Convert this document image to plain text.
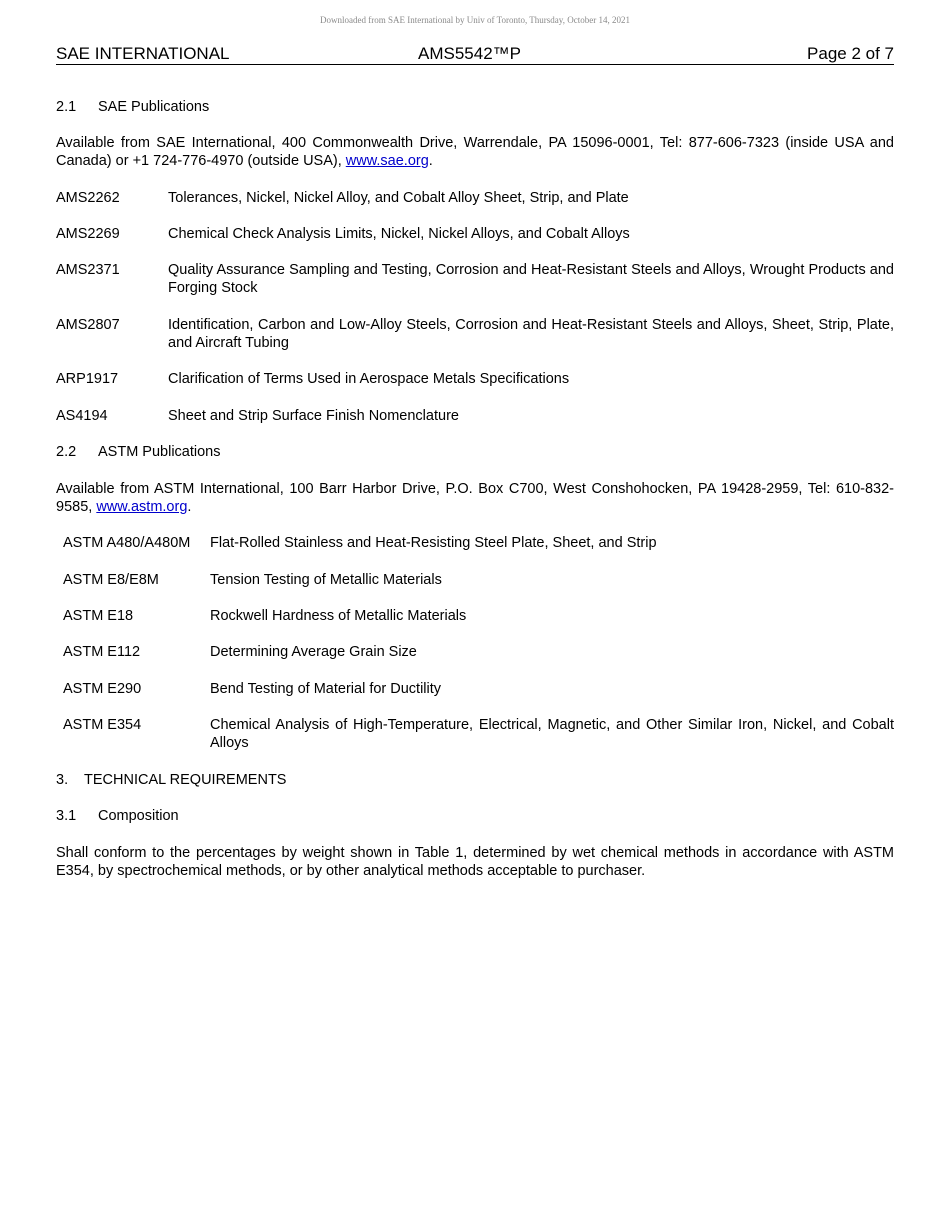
Downloaded from SAE International by Univ of Toronto, Thursday, October 14, 2021
SAE INTERNATIONAL	AMS5542™P	Page 2 of 7
2.1 SAE Publications
Available from SAE International, 400 Commonwealth Drive, Warrendale, PA 15096-0001, Tel: 877-606-7323 (inside USA and Canada) or +1 724-776-4970 (outside USA), www.sae.org.
AMS2262	Tolerances, Nickel, Nickel Alloy, and Cobalt Alloy Sheet, Strip, and Plate
AMS2269	Chemical Check Analysis Limits, Nickel, Nickel Alloys, and Cobalt Alloys
AMS2371	Quality Assurance Sampling and Testing, Corrosion and Heat-Resistant Steels and Alloys, Wrought Products and Forging Stock
AMS2807	Identification, Carbon and Low-Alloy Steels, Corrosion and Heat-Resistant Steels and Alloys, Sheet, Strip, Plate, and Aircraft Tubing
ARP1917	Clarification of Terms Used in Aerospace Metals Specifications
AS4194	Sheet and Strip Surface Finish Nomenclature
2.2 ASTM Publications
Available from ASTM International, 100 Barr Harbor Drive, P.O. Box C700, West Conshohocken, PA 19428-2959, Tel: 610-832-9585, www.astm.org.
ASTM A480/A480M Flat-Rolled Stainless and Heat-Resisting Steel Plate, Sheet, and Strip
ASTM E8/E8M	Tension Testing of Metallic Materials
ASTM E18	Rockwell Hardness of Metallic Materials
ASTM E112	Determining Average Grain Size
ASTM E290	Bend Testing of Material for Ductility
ASTM E354	Chemical Analysis of High-Temperature, Electrical, Magnetic, and Other Similar Iron, Nickel, and Cobalt Alloys
3. TECHNICAL REQUIREMENTS
3.1 Composition
Shall conform to the percentages by weight shown in Table 1, determined by wet chemical methods in accordance with ASTM E354, by spectrochemical methods, or by other analytical methods acceptable to purchaser.
